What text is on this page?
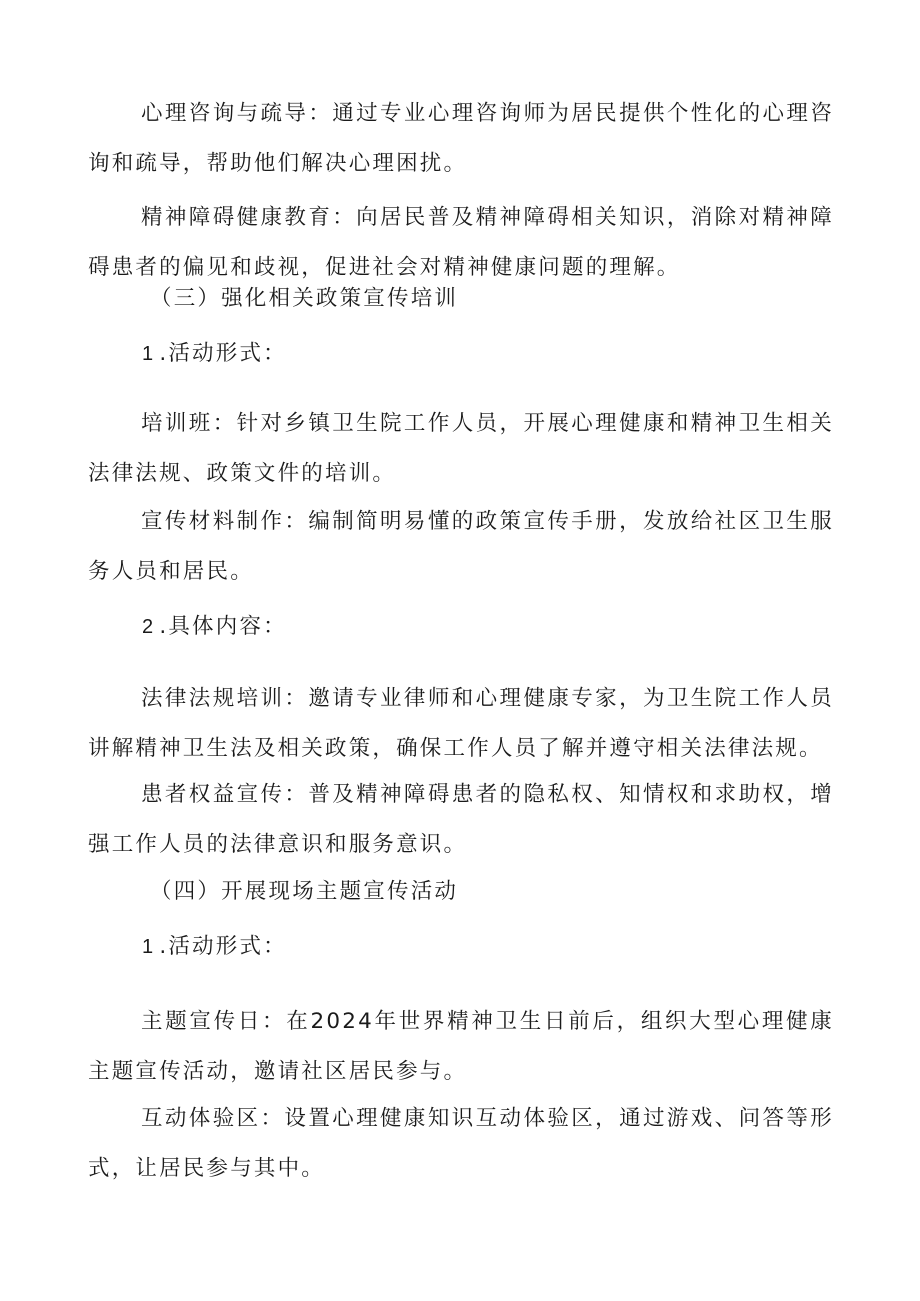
心理咨询与疏导：通过专业心理咨询师为居民提供个性化的心理咨询和疏导，帮助他们解决心理困扰。

精神障碍健康教育：向居民普及精神障碍相关知识，消除对精神障碍患者的偏见和歧视，促进社会对精神健康问题的理解。

（三）强化相关政策宣传培训

1 .活动形式：

培训班：针对乡镇卫生院工作人员，开展心理健康和精神卫生相关法律法规、政策文件的培训。

宣传材料制作：编制简明易懂的政策宣传手册，发放给社区卫生服务人员和居民。

2 .具体内容：

法律法规培训：邀请专业律师和心理健康专家，为卫生院工作人员讲解精神卫生法及相关政策，确保工作人员了解并遵守相关法律法规。

患者权益宣传：普及精神障碍患者的隐私权、知情权和求助权，增强工作人员的法律意识和服务意识。

（四）开展现场主题宣传活动

1 .活动形式：

主题宣传日：在2024年世界精神卫生日前后，组织大型心理健康主题宣传活动，邀请社区居民参与。

互动体验区：设置心理健康知识互动体验区，通过游戏、问答等形式，让居民参与其中。
